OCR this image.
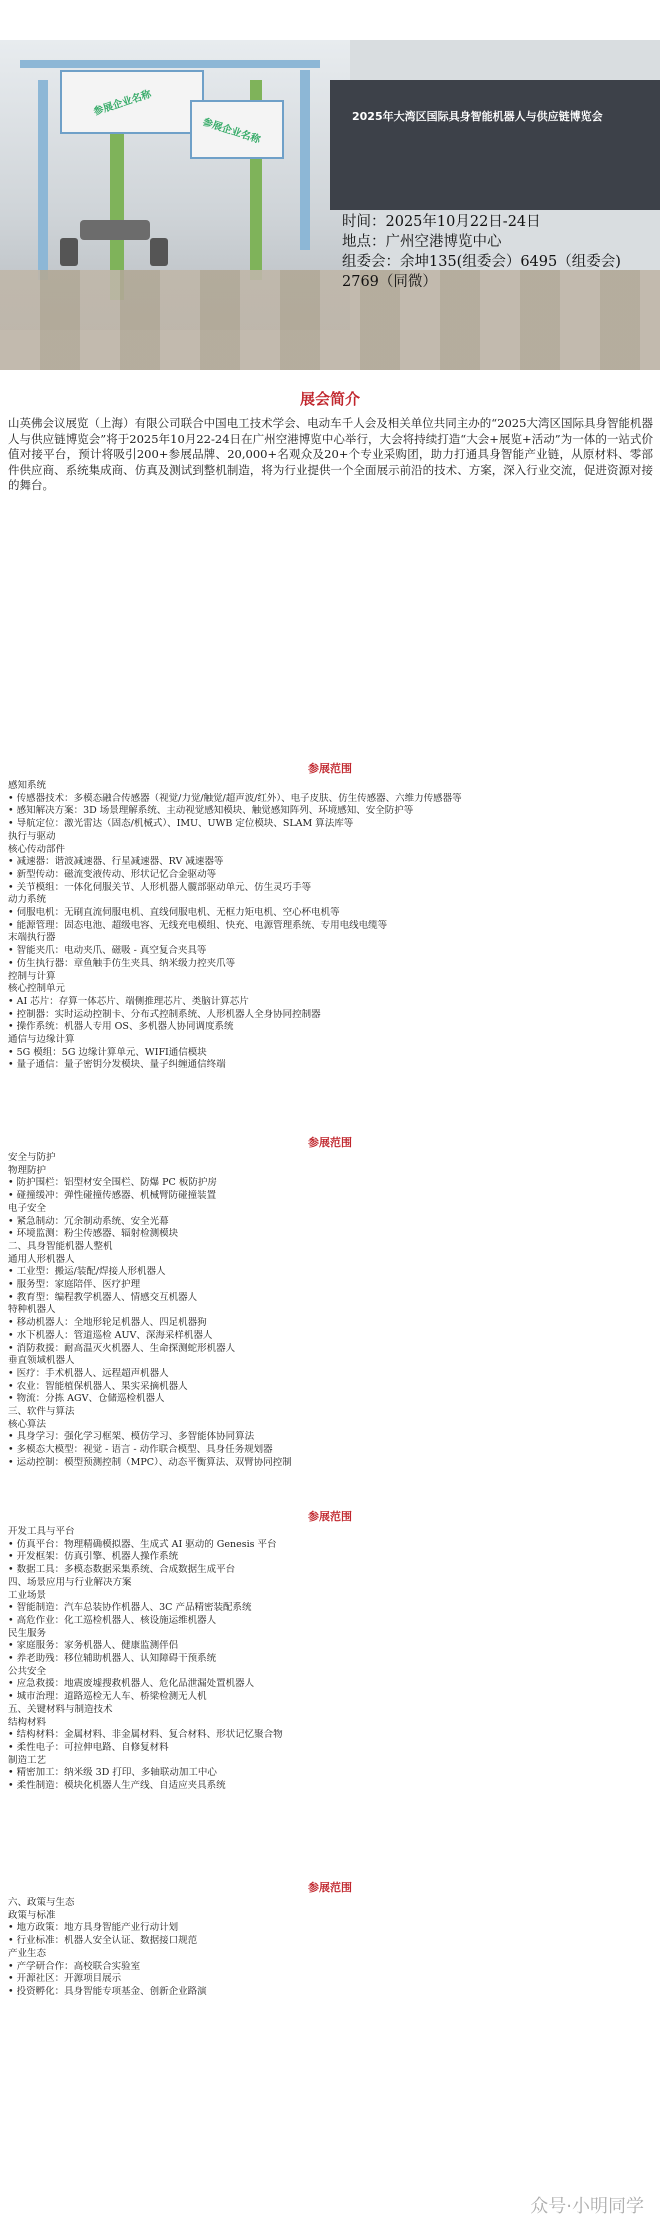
参展企业名称
参展企业名称
2025年大湾区国际具身智能机器人与供应链博览会
时间：2025年10月22日-24日
地点：广州空港博览中心
组委会：余坤135(组委会）6495（组委会)
2769（同微）
展会简介
山英佛会议展览（上海）有限公司联合中国电工技术学会、电动车千人会及相关单位共同主办的“2025大湾区国际具身智能机器人与供应链博览会”将于2025年10月22-24日在广州空港博览中心举行，大会将持续打造“大会+展览+活动”为一体的一站式价值对接平台，预计将吸引200+参展品牌、20,000+名观众及20+个专业采购团，助力打通具身智能产业链，从原材料、零部件供应商、系统集成商、仿真及测试到整机制造，将为行业提供一个全面展示前沿的技术、方案，深入行业交流，促进资源对接的舞台。
参展范围
感知系统
• 传感器技术：多模态融合传感器（视觉/力觉/触觉/超声波/红外）、电子皮肤、仿生传感器、六维力传感器等
• 感知解决方案：3D 场景理解系统、主动视觉感知模块、触觉感知阵列、环境感知、安全防护等
• 导航定位：激光雷达（固态/机械式）、IMU、UWB 定位模块、SLAM 算法库等
执行与驱动
核心传动部件
• 减速器：谐波减速器、行星减速器、RV 减速器等
• 新型传动：磁流变液传动、形状记忆合金驱动等
• 关节模组：一体化伺服关节、人形机器人髋部驱动单元、仿生灵巧手等
动力系统
• 伺服电机：无刷直流伺服电机、直线伺服电机、无框力矩电机、空心杯电机等
• 能源管理：固态电池、超级电容、无线充电模组、快充、电源管理系统、专用电线电缆等
末端执行器
• 智能夹爪：电动夹爪、磁吸 - 真空复合夹具等
• 仿生执行器：章鱼触手仿生夹具、纳米级力控夹爪等
控制与计算
核心控制单元
• AI 芯片：存算一体芯片、端侧推理芯片、类脑计算芯片
• 控制器：实时运动控制卡、分布式控制系统、人形机器人全身协同控制器
• 操作系统：机器人专用 OS、多机器人协同调度系统
通信与边缘计算
• 5G 模组：5G 边缘计算单元、WIFI通信模块
• 量子通信：量子密钥分发模块、量子纠缠通信终端
参展范围
安全与防护
物理防护
• 防护围栏：铝型材安全围栏、防爆 PC 板防护房
• 碰撞缓冲：弹性碰撞传感器、机械臂防碰撞装置
电子安全
• 紧急制动：冗余制动系统、安全光幕
• 环境监测：粉尘传感器、辐射检测模块
二、具身智能机器人整机
通用人形机器人
• 工业型：搬运/装配/焊接人形机器人
• 服务型：家庭陪伴、医疗护理
• 教育型：编程教学机器人、情感交互机器人
特种机器人
• 移动机器人：全地形轮足机器人、四足机器狗
• 水下机器人：管道巡检 AUV、深海采样机器人
• 消防救援：耐高温灭火机器人、生命探测蛇形机器人
垂直领域机器人
• 医疗：手术机器人、远程超声机器人
• 农业：智能植保机器人、果实采摘机器人
• 物流：分拣 AGV、仓储巡检机器人
三、软件与算法
核心算法
• 具身学习：强化学习框架、模仿学习、多智能体协同算法
• 多模态大模型：视觉 - 语言 - 动作联合模型、具身任务规划器
• 运动控制：模型预测控制（MPC）、动态平衡算法、双臂协同控制
参展范围
开发工具与平台
• 仿真平台：物理精确模拟器、生成式 AI 驱动的 Genesis 平台
• 开发框架：仿真引擎、机器人操作系统
• 数据工具：多模态数据采集系统、合成数据生成平台
四、场景应用与行业解决方案
工业场景
• 智能制造：汽车总装协作机器人、3C 产品精密装配系统
• 高危作业：化工巡检机器人、核设施运维机器人
民生服务
• 家庭服务：家务机器人、健康监测伴侣
• 养老助残：移位辅助机器人、认知障碍干预系统
公共安全
• 应急救援：地震废墟搜救机器人、危化品泄漏处置机器人
• 城市治理：道路巡检无人车、桥梁检测无人机
五、关键材料与制造技术
结构材料
• 结构材料：金属材料、非金属材料、复合材料、形状记忆聚合物
• 柔性电子：可拉伸电路、自修复材料
制造工艺
• 精密加工：纳米级 3D 打印、多轴联动加工中心
• 柔性制造：模块化机器人生产线、自适应夹具系统
参展范围
六、政策与生态
政策与标准
• 地方政策：地方具身智能产业行动计划
• 行业标准：机器人安全认证、数据接口规范
产业生态
• 产学研合作：高校联合实验室
• 开源社区：开源项目展示
• 投资孵化：具身智能专项基金、创新企业路演
众号·小明同学
